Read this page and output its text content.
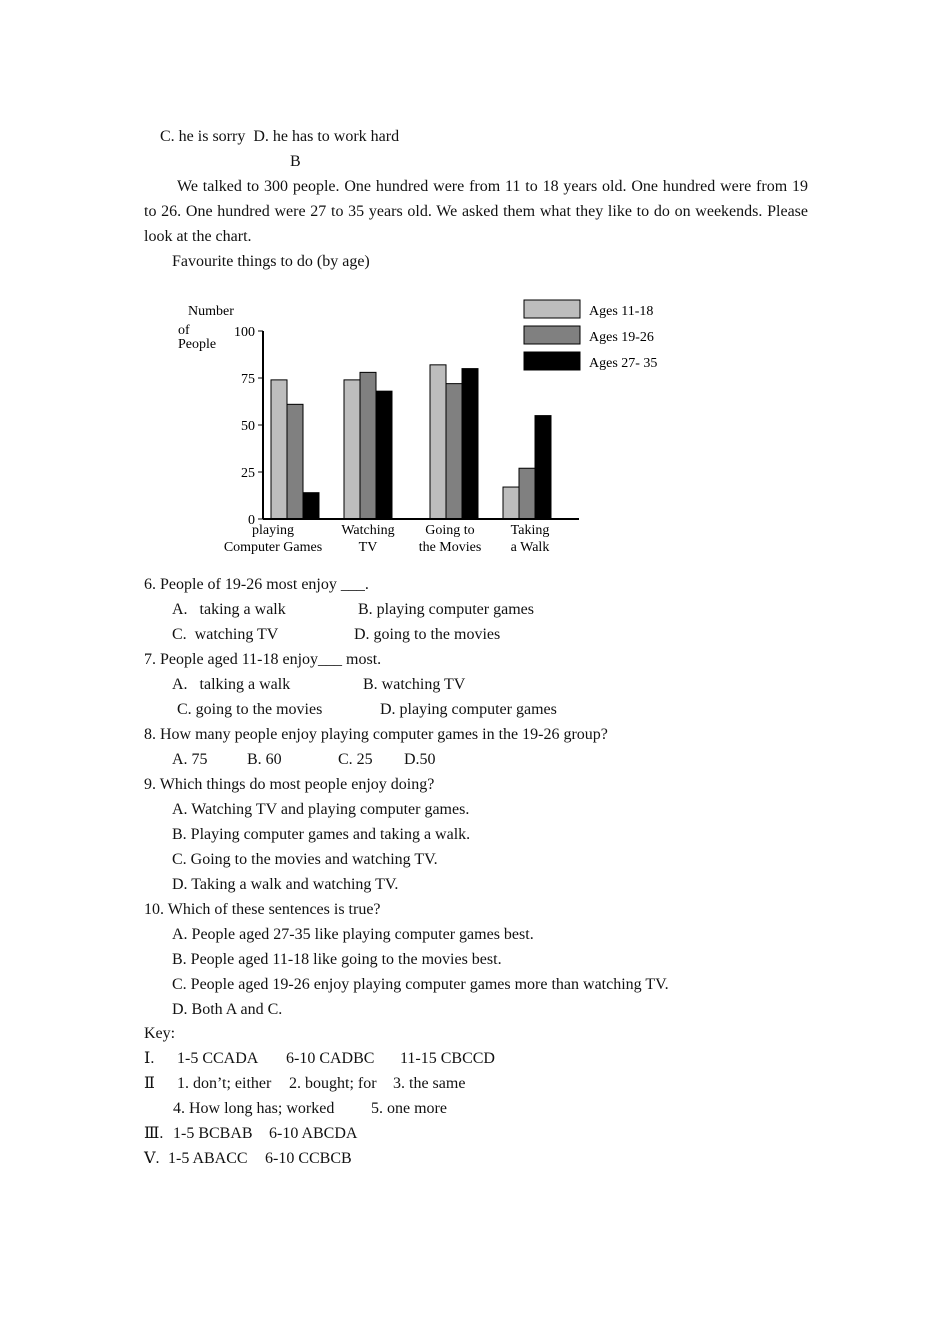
C. he is sorry  D. he has to work hard
B
We talked to 300 people. One hundred were from 11 to 18 years old. One hundred were from 19 to 26. One hundred were 27 to 35 years old. We asked them what they like to do on weekends. Please look at the chart.
Favourite things to do (by age)
Number
of
People
0
25
50
75
100
playing
Computer Games
Watching
TV
Going to
the Movies
Taking
a Walk
Ages 11-18
Ages 19-26
Ages 27- 35
6. People of 19-26 most enjoy ___.
A.   taking a walk	B. playing computer games
C.  watching TV	D. going to the movies
7. People aged 11-18 enjoy___ most.
A.   talking a walk	B. watching TV
C. going to the movies	D. playing computer games
8. How many people enjoy playing computer games in the 19-26 group?
A. 75 B. 60	C. 25 D.50
9. Which things do most people enjoy doing?
A. Watching TV and playing computer games.
B. Playing computer games and taking a walk.
C. Going to the movies and watching TV.
D. Taking a walk and watching TV.
10. Which of these sentences is true?
A. People aged 27-35 like playing computer games best.
B. People aged 11-18 like going to the movies best.
C. People aged 19-26 enjoy playing computer games more than watching TV.
D. Both A and C.
Key:
Ⅰ. 1-5 CCADA 6-10 CADBC 11-15 CBCCD
Ⅱ 1. don’t; either 2. bought; for 3. the same
4. How long has; worked 5. one more
Ⅲ. 1-5 BCBAB 6-10 ABCDA
Ⅴ. 1-5 ABACC 6-10 CCBCB
